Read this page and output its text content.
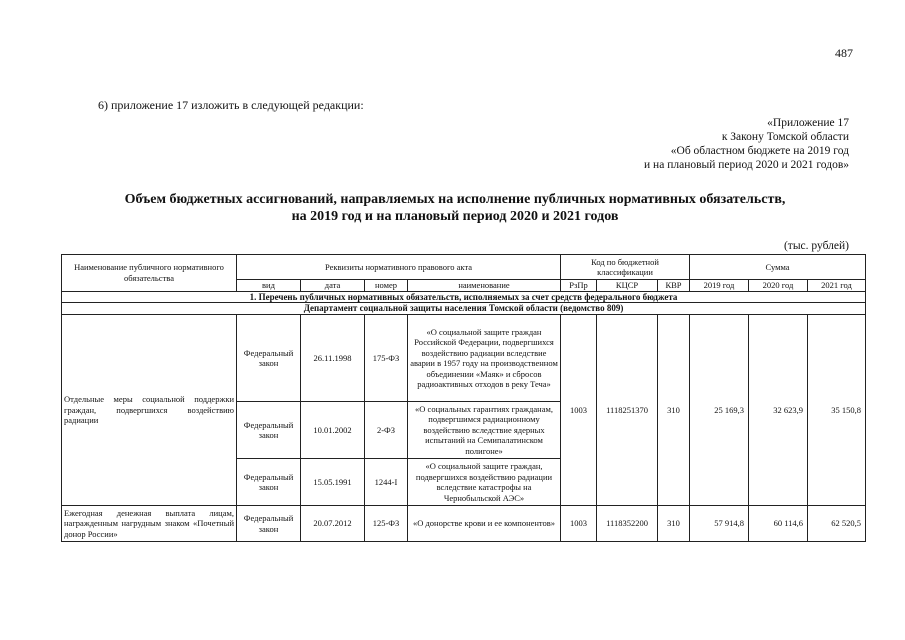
487
6) приложение 17 изложить в следующей редакции:
«Приложение 17
к Закону Томской области
«Об областном бюджете на 2019 год
и на плановый период 2020 и 2021 годов»
Объем бюджетных ассигнований, направляемых на исполнение публичных нормативных обязательств,
на 2019 год и на плановый период 2020 и 2021 годов
(тыс. рублей)
Наименование публичного нормативного обязательства	Реквизиты нормативного правового акта				Код по бюджетной классификации			Сумма		
	вид	дата	номер	наименование	РзПр	КЦСР	КВР	2019 год	2020 год	2021 год
1. Перечень публичных нормативных обязательств, исполняемых за счет средств федерального бюджета										
Департамент социальной защиты населения Томской области (ведомство 809)										
Отдельные меры социальной поддержки граждан, подвергшихся воздействию радиации	Федеральный закон	26.11.1998	175-ФЗ	«О социальной защите граждан Российской Федерации, подвергшихся воздействию радиации вследствие аварии в 1957 году на производственном объединении «Маяк» и сбросов радиоактивных отходов в реку Теча»	1003	1118251370	310	25 169,3	32 623,9	35 150,8
	Федеральный закон	10.01.2002	2-ФЗ	«О социальных гарантиях гражданам, подвергшимся радиационному воздействию вследствие ядерных испытаний на Семипалатинском полигоне»						
	Федеральный закон	15.05.1991	1244-I	«О социальной защите граждан, подвергшихся воздействию радиации вследствие катастрофы на Чернобыльской АЭС»						
Ежегодная денежная выплата лицам, награжденным нагрудным знаком «Почетный донор России»	Федеральный закон	20.07.2012	125-ФЗ	«О донорстве крови и ее компонентов»	1003	1118352200	310	57 914,8	60 114,6	62 520,5
